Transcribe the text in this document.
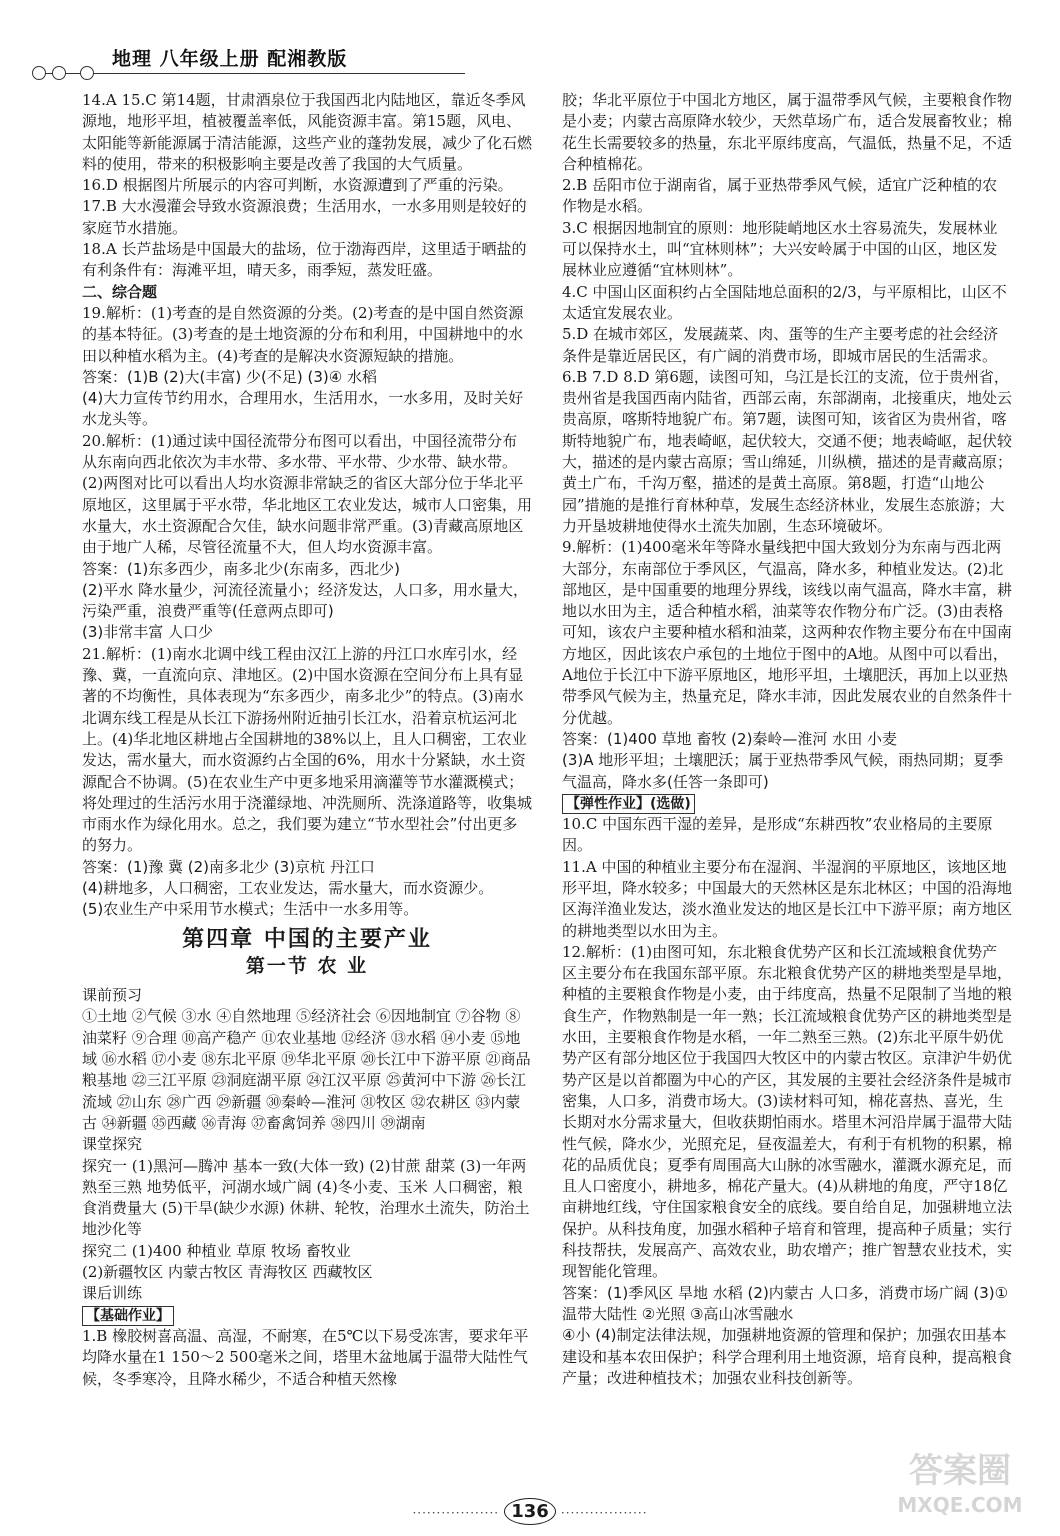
地理 八年级上册 配湘教版

14.A 15.C 第14题，甘肃酒泉位于我国西北内陆地区，靠近冬季风源地，地形平坦，植被覆盖率低，风能资源丰富。第15题，风电、太阳能等新能源属于清洁能源，这些产业的蓬勃发展，减少了化石燃料的使用，带来的积极影响主要是改善了我国的大气质量。

16.D 根据图片所展示的内容可判断，水资源遭到了严重的污染。

17.B 大水漫灌会导致水资源浪费；生活用水，一水多用则是较好的家庭节水措施。

18.A 长芦盐场是中国最大的盐场，位于渤海西岸，这里适于晒盐的有利条件有：海滩平坦，晴天多，雨季短，蒸发旺盛。

二、综合题

19.解析：(1)考查的是自然资源的分类。(2)考查的是中国自然资源的基本特征。(3)考查的是土地资源的分布和利用，中国耕地中的水田以种植水稻为主。(4)考查的是解决水资源短缺的措施。

答案：(1)B (2)大(丰富) 少(不足) (3)④ 水稻

(4)大力宣传节约用水，合理用水，生活用水，一水多用，及时关好水龙头等。

20.解析：(1)通过读中国径流带分布图可以看出，中国径流带分布从东南向西北依次为丰水带、多水带、平水带、少水带、缺水带。(2)两图对比可以看出人均水资源非常缺乏的省区大部分位于华北平原地区，这里属于平水带，华北地区工农业发达，城市人口密集，用水量大，水土资源配合欠佳，缺水问题非常严重。(3)青藏高原地区由于地广人稀，尽管径流量不大，但人均水资源丰富。

答案：(1)东多西少，南多北少(东南多，西北少)

(2)平水 降水量少，河流径流量小；经济发达，人口多，用水量大，污染严重，浪费严重等(任意两点即可)

(3)非常丰富 人口少

21.解析：(1)南水北调中线工程由汉江上游的丹江口水库引水，经豫、冀，一直流向京、津地区。(2)中国水资源在空间分布上具有显著的不均衡性，具体表现为“东多西少，南多北少”的特点。(3)南水北调东线工程是从长江下游扬州附近抽引长江水，沿着京杭运河北上。(4)华北地区耕地占全国耕地的38%以上，且人口稠密，工农业发达，需水量大，而水资源约占全国的6%，用水十分紧缺，水土资源配合不协调。(5)在农业生产中更多地采用滴灌等节水灌溉模式；将处理过的生活污水用于浇灌绿地、冲洗厕所、洗涤道路等，收集城市雨水作为绿化用水。总之，我们要为建立“节水型社会”付出更多的努力。

答案：(1)豫 冀 (2)南多北少 (3)京杭 丹江口

(4)耕地多，人口稠密，工农业发达，需水量大，而水资源少。

(5)农业生产中采用节水模式；生活中一水多用等。

第四章 中国的主要产业
第一节 农 业

课前预习

①土地 ②气候 ③水 ④自然地理 ⑤经济社会 ⑥因地制宜 ⑦谷物 ⑧油菜籽 ⑨合理 ⑩高产稳产 ⑪农业基地 ⑫经济 ⑬水稻 ⑭小麦 ⑮地域 ⑯水稻 ⑰小麦 ⑱东北平原 ⑲华北平原 ⑳长江中下游平原 ㉑商品粮基地 ㉒三江平原 ㉓洞庭湖平原 ㉔江汉平原 ㉕黄河中下游 ㉖长江流域 ㉗山东 ㉘广西 ㉙新疆 ㉚秦岭—淮河 ㉛牧区 ㉜农耕区 ㉝内蒙古 ㉞新疆 ㉟西藏 ㊱青海 ㊲畜禽饲养 ㊳四川 ㊴湖南

课堂探究

探究一 (1)黑河—腾冲 基本一致(大体一致) (2)甘蔗 甜菜 (3)一年两熟至三熟 地势低平，河湖水域广阔 (4)冬小麦、玉米 人口稠密，粮食消费量大 (5)干旱(缺少水源) 休耕、轮牧，治理水土流失，防治土地沙化等

探究二 (1)400 种植业 草原 牧场 畜牧业

(2)新疆牧区 内蒙古牧区 青海牧区 西藏牧区

课后训练

【基础作业】

1.B 橡胶树喜高温、高湿，不耐寒，在5℃以下易受冻害，要求年平均降水量在1 150～2 500毫米之间，塔里木盆地属于温带大陆性气候，冬季寒冷，且降水稀少，不适合种植天然橡

胶；华北平原位于中国北方地区，属于温带季风气候，主要粮食作物是小麦；内蒙古高原降水较少，天然草场广布，适合发展畜牧业；棉花生长需要较多的热量，东北平原纬度高，气温低，热量不足，不适合种植棉花。

2.B 岳阳市位于湖南省，属于亚热带季风气候，适宜广泛种植的农作物是水稻。

3.C 根据因地制宜的原则：地形陡峭地区水土容易流失，发展林业可以保持水土，叫“宜林则林”；大兴安岭属于中国的山区，地区发展林业应遵循“宜林则林”。

4.C 中国山区面积约占全国陆地总面积的2/3，与平原相比，山区不太适宜发展农业。

5.D 在城市郊区，发展蔬菜、肉、蛋等的生产主要考虑的社会经济条件是靠近居民区，有广阔的消费市场，即城市居民的生活需求。

6.B 7.D 8.D 第6题，读图可知，乌江是长江的支流，位于贵州省，贵州省是我国西南内陆省，西部云南，东部湖南，北接重庆，地处云贵高原，喀斯特地貌广布。第7题，读图可知，该省区为贵州省，喀斯特地貌广布，地表崎岖，起伏较大，交通不便；地表崎岖，起伏较大，描述的是内蒙古高原；雪山绵延，川纵横，描述的是青藏高原；黄土广布，千沟万壑，描述的是黄土高原。第8题，打造“山地公园”措施的是推行育林种草，发展生态经济林业，发展生态旅游；大力开垦坡耕地使得水土流失加剧，生态环境破坏。

9.解析：(1)400毫米年等降水量线把中国大致划分为东南与西北两大部分，东南部位于季风区，气温高，降水多，种植业发达。(2)北部地区，是中国重要的地理分界线，该线以南气温高，降水丰富，耕地以水田为主，适合种植水稻，油菜等农作物分布广泛。(3)由表格可知，该农户主要种植水稻和油菜，这两种农作物主要分布在中国南方地区，因此该农户承包的土地位于图中的A地。从图中可以看出，A地位于长江中下游平原地区，地形平坦，土壤肥沃，再加上以亚热带季风气候为主，热量充足，降水丰沛，因此发展农业的自然条件十分优越。

答案：(1)400 草地 畜牧 (2)秦岭—淮河 水田 小麦

(3)A 地形平坦；土壤肥沃；属于亚热带季风气候，雨热同期；夏季气温高，降水多(任答一条即可)

【弹性作业】(选做)

10.C 中国东西干湿的差异，是形成“东耕西牧”农业格局的主要原因。

11.A 中国的种植业主要分布在湿润、半湿润的平原地区，该地区地形平坦，降水较多；中国最大的天然林区是东北林区；中国的沿海地区海洋渔业发达，淡水渔业发达的地区是长江中下游平原；南方地区的耕地类型以水田为主。

12.解析：(1)由图可知，东北粮食优势产区和长江流域粮食优势产区主要分布在我国东部平原。东北粮食优势产区的耕地类型是旱地，种植的主要粮食作物是小麦，由于纬度高，热量不足限制了当地的粮食生产，作物熟制是一年一熟；长江流域粮食优势产区的耕地类型是水田，主要粮食作物是水稻，一年二熟至三熟。(2)东北平原牛奶优势产区有部分地区位于我国四大牧区中的内蒙古牧区。京津沪牛奶优势产区是以首都圈为中心的产区，其发展的主要社会经济条件是城市密集，人口多，消费市场大。(3)读材料可知，棉花喜热、喜光，生长期对水分需求量大，但收获期怕雨水。塔里木河沿岸属于温带大陆性气候，降水少，光照充足，昼夜温差大，有利于有机物的积累，棉花的品质优良；夏季有周围高大山脉的冰雪融水，灌溉水源充足，而且人口密度小，耕地多，棉花产量大。(4)从耕地的角度，严守18亿亩耕地红线，守住国家粮食安全的底线。要自给自足，加强耕地立法保护。从科技角度，加强水稻种子培育和管理，提高种子质量；实行科技帮扶，发展高产、高效农业，助农增产；推广智慧农业技术，实现智能化管理。

答案：(1)季风区 旱地 水稻 (2)内蒙古 人口多，消费市场广阔 (3)①温带大陆性 ②光照 ③高山冰雪融水

④小 (4)制定法律法规，加强耕地资源的管理和保护；加强农田基本建设和基本农田保护；科学合理利用土地资源，培育良种，提高粮食产量；改进种植技术；加强农业科技创新等。

·················· 136 ··················
答案圈
MXQE.COM
